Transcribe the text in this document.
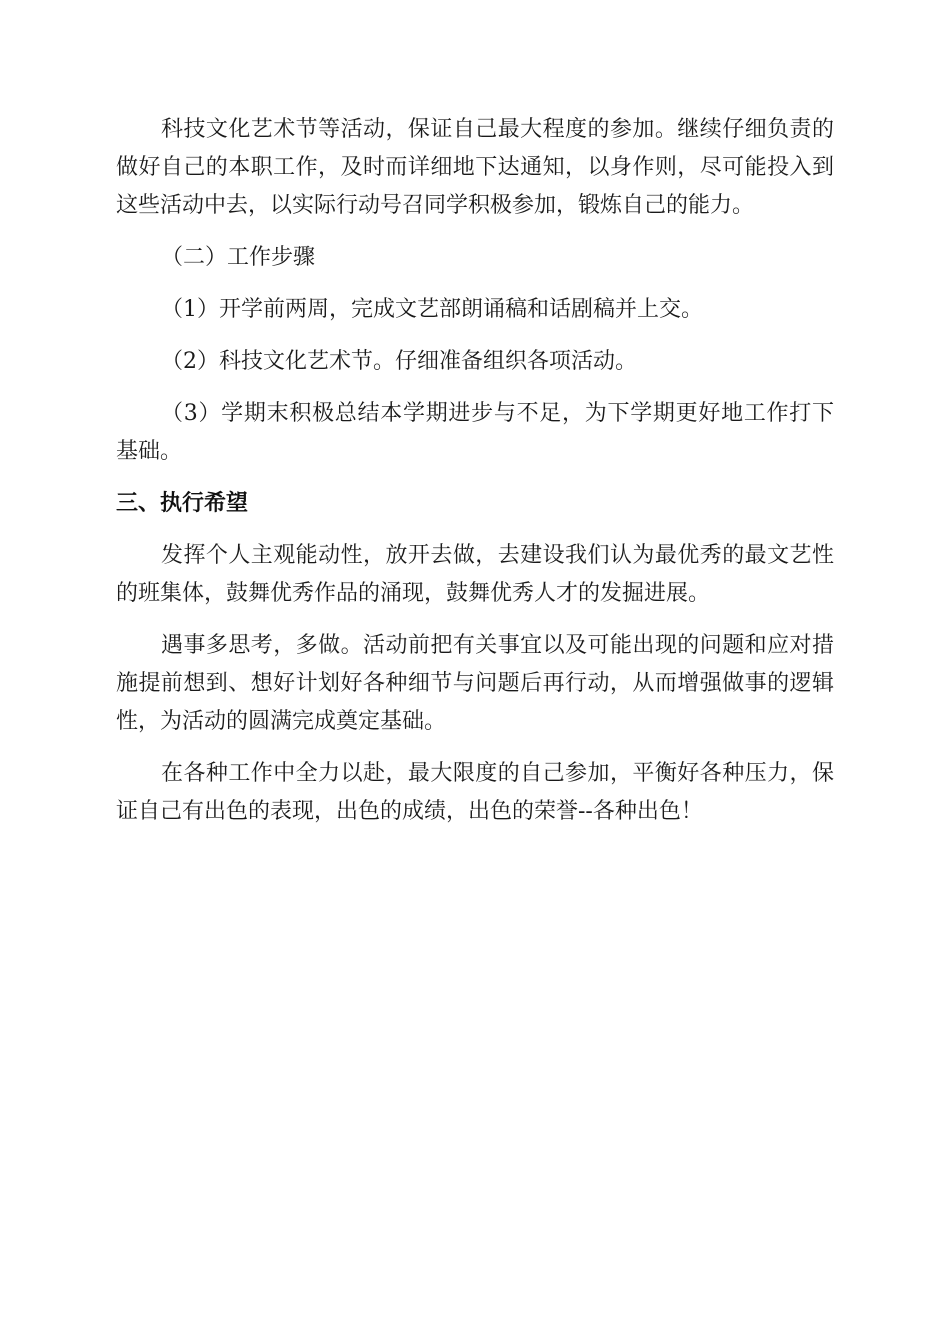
科技文化艺术节等活动，保证自己最大程度的参加。继续仔细负责的做好自己的本职工作，及时而详细地下达通知，以身作则，尽可能投入到这些活动中去，以实际行动号召同学积极参加，锻炼自己的能力。

（二）工作步骤

（1）开学前两周，完成文艺部朗诵稿和话剧稿并上交。

（2）科技文化艺术节。仔细准备组织各项活动。

（3）学期末积极总结本学期进步与不足，为下学期更好地工作打下基础。

三、执行希望

发挥个人主观能动性，放开去做，去建设我们认为最优秀的最文艺性的班集体，鼓舞优秀作品的涌现，鼓舞优秀人才的发掘进展。

遇事多思考，多做。活动前把有关事宜以及可能出现的问题和应对措施提前想到、想好计划好各种细节与问题后再行动，从而增强做事的逻辑性，为活动的圆满完成奠定基础。

在各种工作中全力以赴，最大限度的自己参加，平衡好各种压力，保证自己有出色的表现，出色的成绩，出色的荣誉--各种出色！
